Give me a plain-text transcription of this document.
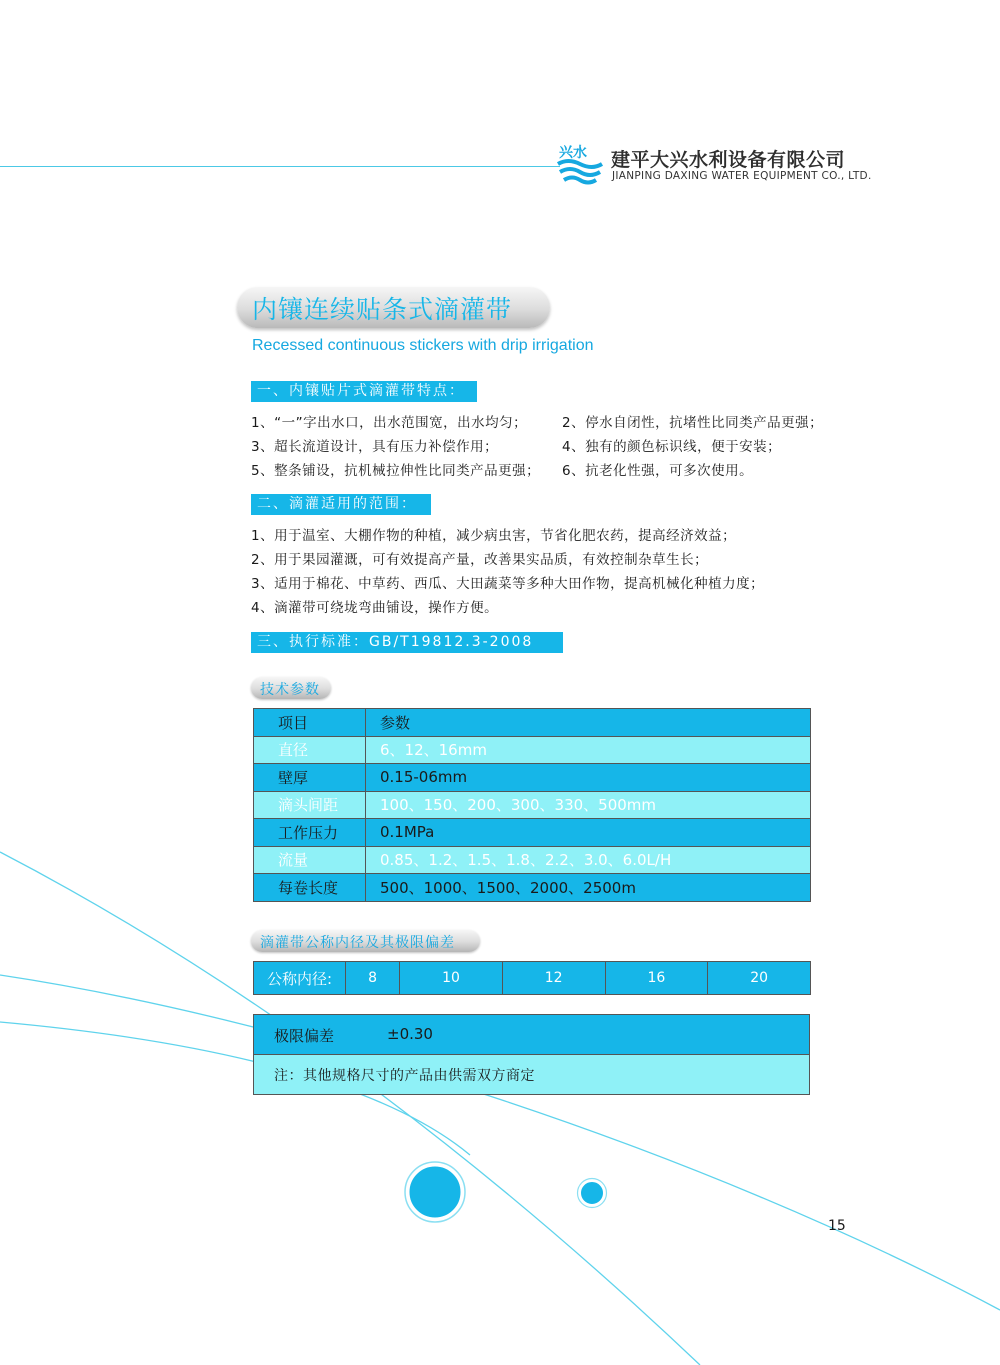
兴水 建平大兴水利设备有限公司
JIANPING DAXING WATER EQUIPMENT CO., LTD.
内镶连续贴条式滴灌带
Recessed continuous stickers with drip irrigation
一、内镶贴片式滴灌带特点：
1、“一”字出水口，出水范围宽，出水均匀；	2、停水自闭性，抗堵性比同类产品更强；
3、超长流道设计，具有压力补偿作用；	4、独有的颜色标识线，便于安装；
5、整条铺设，抗机械拉伸性比同类产品更强； 6、抗老化性强，可多次使用。
二、滴灌适用的范围：
1、用于温室、大棚作物的种植，减少病虫害，节省化肥农药，提高经济效益；
2、用于果园灌溉，可有效提高产量，改善果实品质，有效控制杂草生长；
3、适用于棉花、中草药、西瓜、大田蔬菜等多种大田作物，提高机械化种植力度；
4、滴灌带可绕垅弯曲铺设，操作方便。
三、执行标准：GB/T19812.3-2008
技术参数
项目	参数
直径	6、12、16mm
壁厚	0.15-06mm
滴头间距	100、150、200、300、330、500mm
工作压力	0.1MPa
流量	0.85、1.2、1.5、1.8、2.2、3.0、6.0L/H
每卷长度	500、1000、1500、2000、2500m
滴灌带公称内径及其极限偏差
公称内径:	8	10	12	16	20
极限偏差	±0.30
注：其他规格尺寸的产品由供需双方商定
15
